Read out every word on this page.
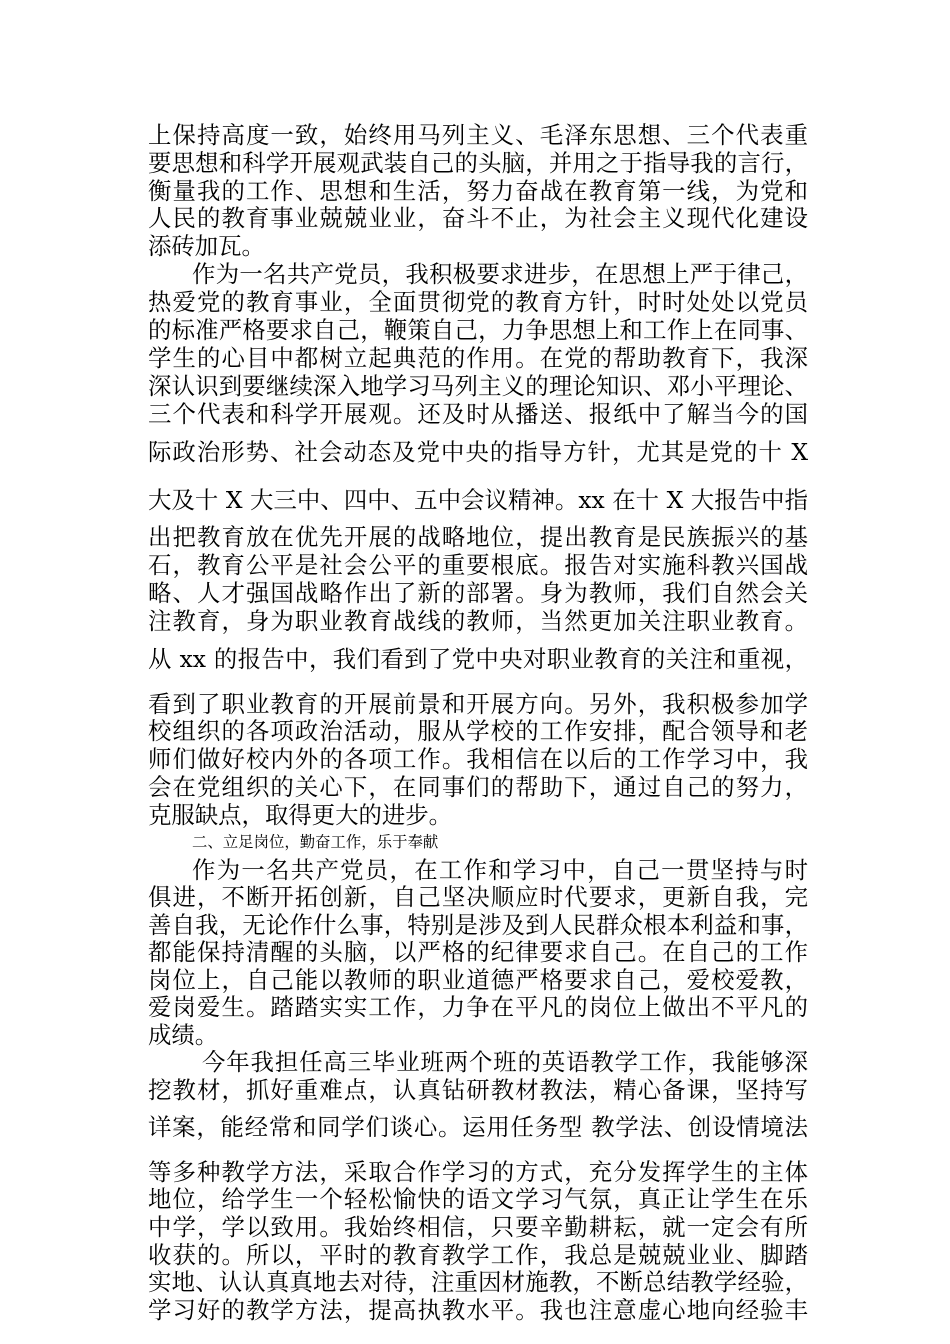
上保持高度一致，始终用马列主义、毛泽东思想、三个代表重
要思想和科学开展观武装自己的头脑，并用之于指导我的言行，
衡量我的工作、思想和生活，努力奋战在教育第一线，为党和
人民的教育事业兢兢业业，奋斗不止，为社会主义现代化建设
添砖加瓦。
作为一名共产党员，我积极要求进步，在思想上严于律己，
热爱党的教育事业，全面贯彻党的教育方针，时时处处以党员
的标准严格要求自己，鞭策自己，力争思想上和工作上在同事、
学生的心目中都树立起典范的作用。在党的帮助教育下，我深
深认识到要继续深入地学习马列主义的理论知识、邓小平理论、
三个代表和科学开展观。还及时从播送、报纸中了解当今的国
际政治形势、社会动态及党中央的指导方针，尤其是党的十 X
大及十 X 大三中、四中、五中会议精神。xx 在十 X 大报告中指
出把教育放在优先开展的战略地位，提出教育是民族振兴的基
石，教育公平是社会公平的重要根底。报告对实施科教兴国战
略、人才强国战略作出了新的部署。身为教师，我们自然会关
注教育，身为职业教育战线的教师，当然更加关注职业教育。
从 xx 的报告中，我们看到了党中央对职业教育的关注和重视，
看到了职业教育的开展前景和开展方向。另外，我积极参加学
校组织的各项政治活动，服从学校的工作安排，配合领导和老
师们做好校内外的各项工作。我相信在以后的工作学习中，我
会在党组织的关心下，在同事们的帮助下，通过自己的努力，
克服缺点，取得更大的进步。
二、立足岗位，勤奋工作，乐于奉献
作为一名共产党员，在工作和学习中，自己一贯坚持与时
俱进，不断开拓创新，自己坚决顺应时代要求，更新自我，完
善自我，无论作什么事，特别是涉及到人民群众根本利益和事，
都能保持清醒的头脑，以严格的纪律要求自己。在自己的工作
岗位上，自己能以教师的职业道德严格要求自己，爱校爱教，
爱岗爱生。踏踏实实工作，力争在平凡的岗位上做出不平凡的
成绩。
今年我担任高三毕业班两个班的英语教学工作，我能够深
挖教材，抓好重难点，认真钻研教材教法，精心备课，坚持写
详案，能经常和同学们谈心。运用任务型 教学法、创设情境法
等多种教学方法，采取合作学习的方式，充分发挥学生的主体
地位，给学生一个轻松愉快的语文学习气氛，真正让学生在乐
中学，学以致用。我始终相信，只要辛勤耕耘，就一定会有所
收获的。所以，平时的教育教学工作，我总是兢兢业业、脚踏
实地、认认真真地去对待，注重因材施教，不断总结教学经验，
学习好的教学方法，提高执教水平。我也注意虚心地向经验丰
